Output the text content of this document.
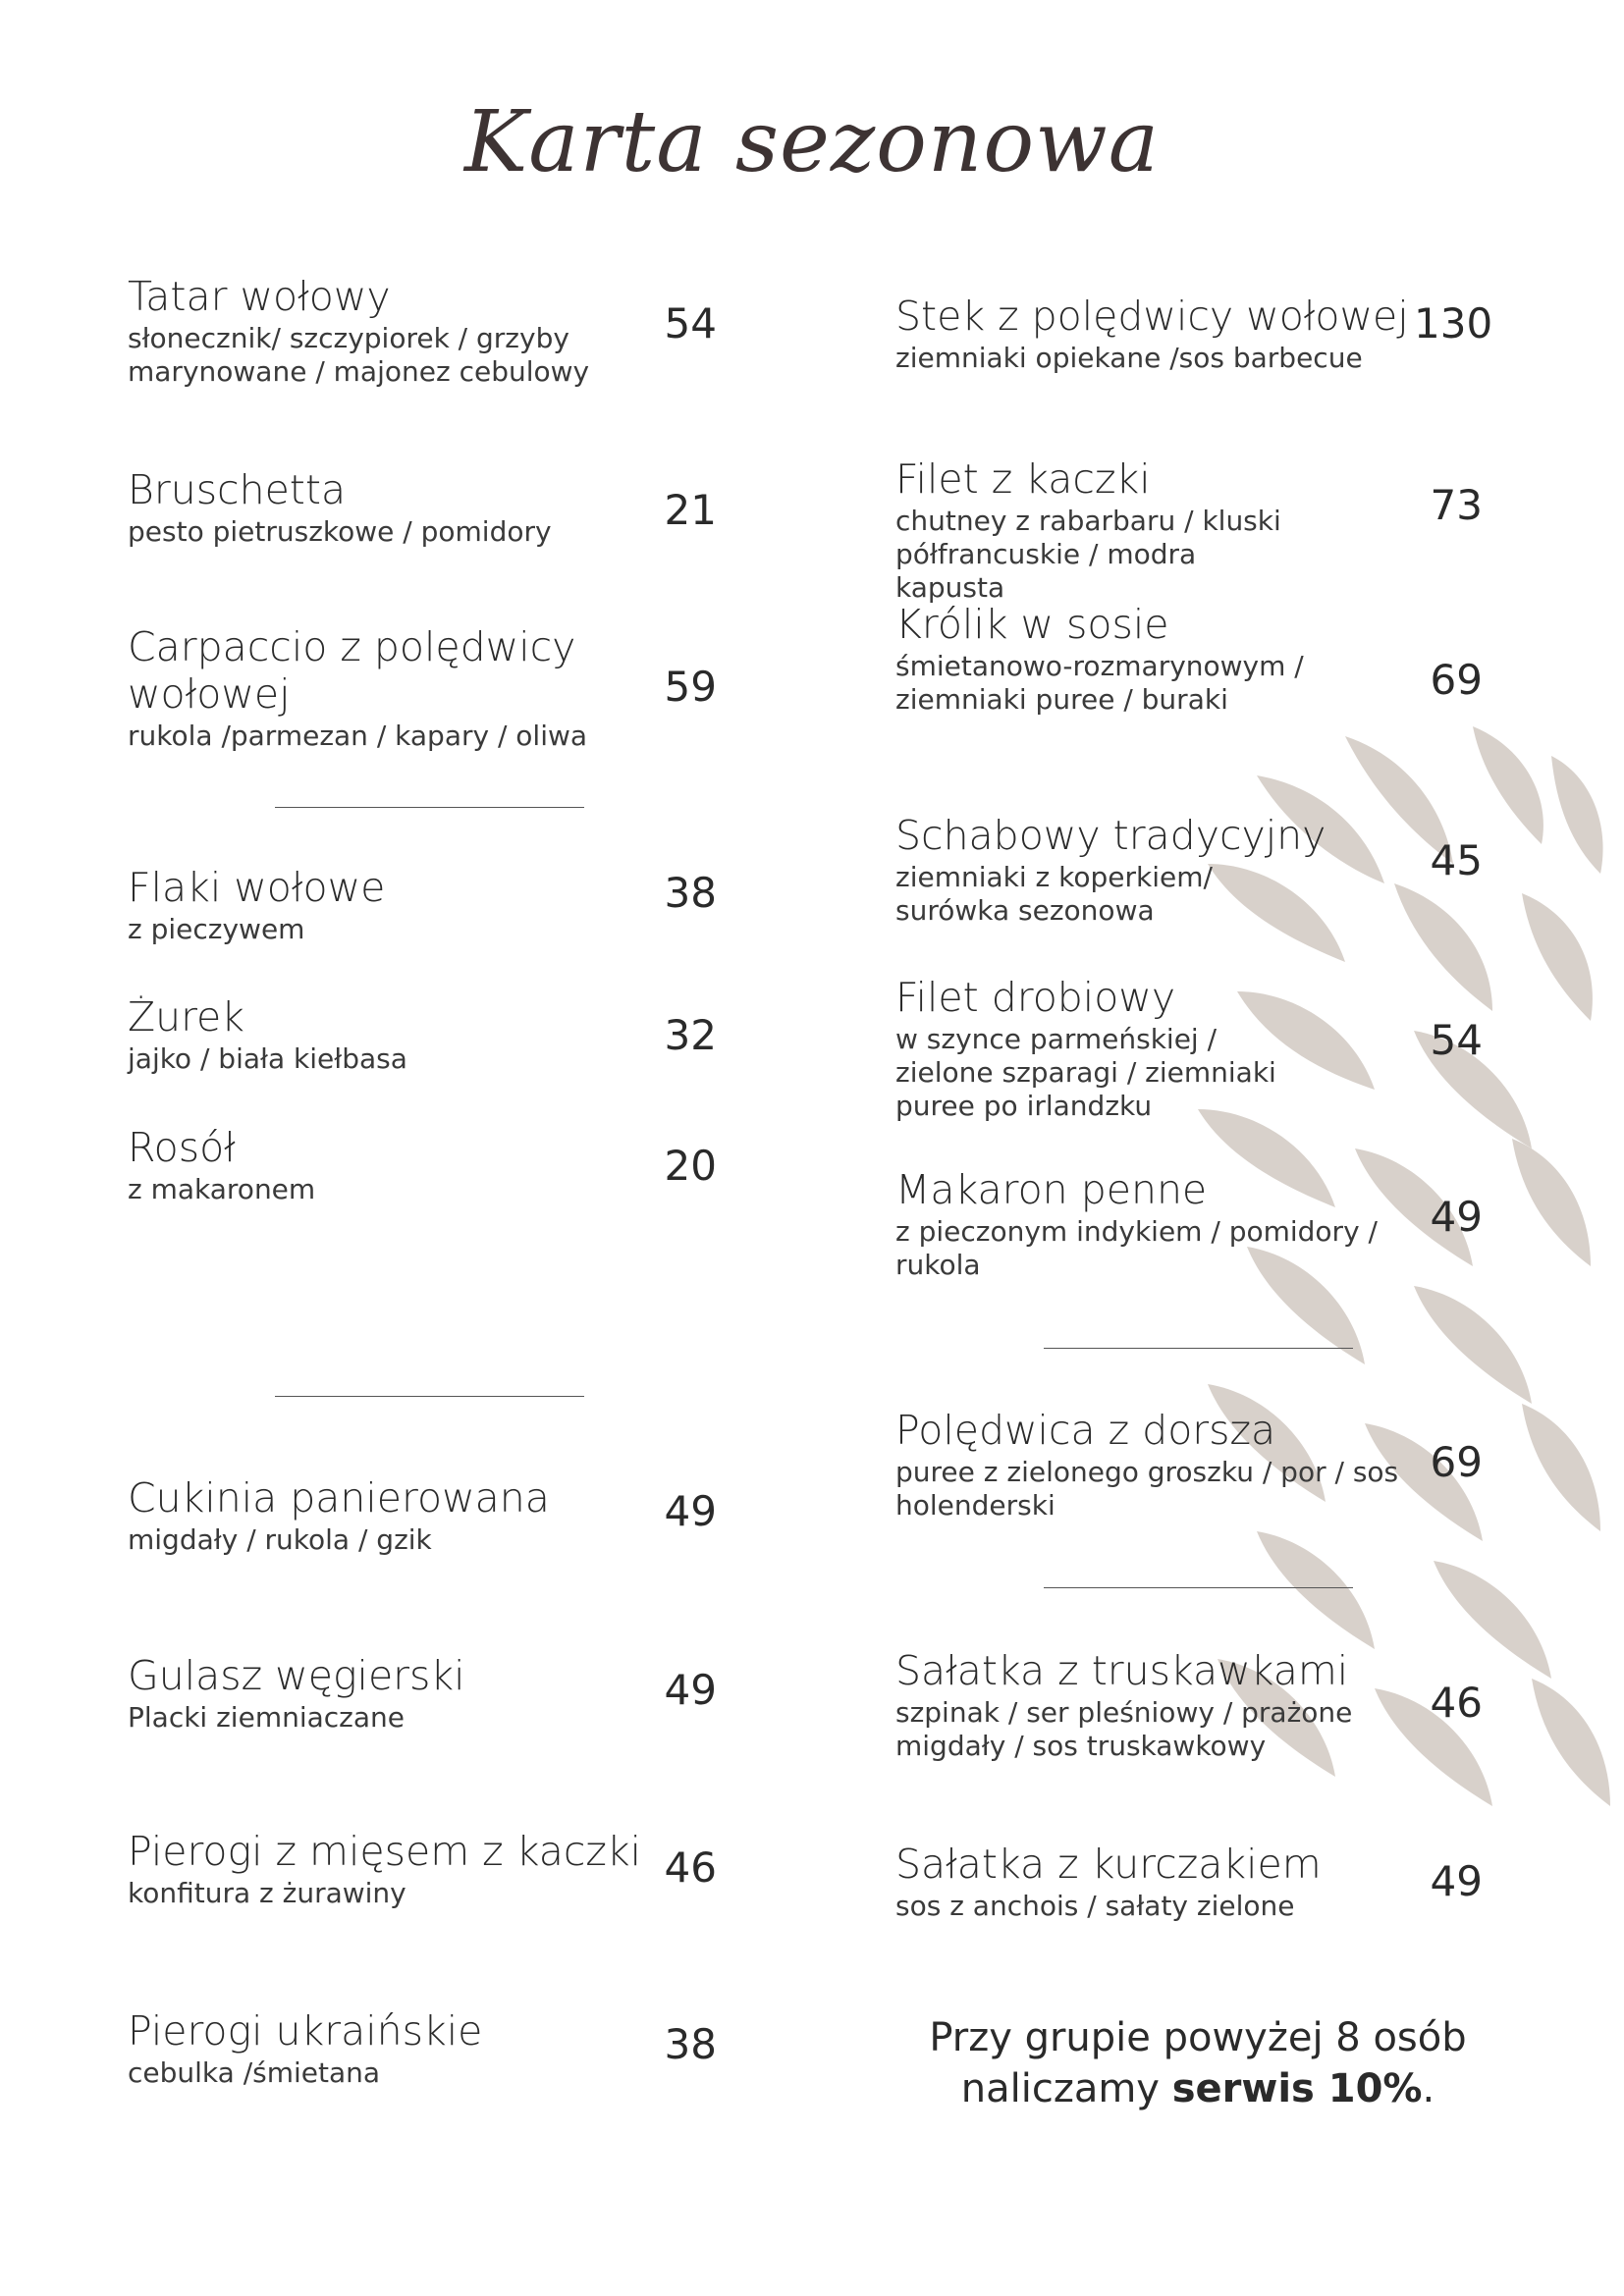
Karta sezonowa
Tatar wołowy
słonecznik/ szczypiorek / grzyby marynowane / majonez cebulowy
54
Bruschetta
pesto pietruszkowe / pomidory	21
Carpaccio z polędwicy wołowej
rukola /parmezan / kapary / oliwa
59
Flaki wołowe
z pieczywem
38
Żurek
jajko / biała kiełbasa	32
Rosół
z makaronem	20
Cukinia panierowana
migdały / rukola / gzik
49
Gulasz węgierski
Placki ziemniaczane
49
Pierogi z mięsem z kaczki
konfitura z żurawiny
46
Pierogi ukraińskie
cebulka /śmietana
38
Stek z polędwicy wołowej
ziemniaki opiekane /sos barbecue
130
Filet z kaczki
chutney z rabarbaru / kluski półfrancuskie / modra kapusta
73
Królik w sosie
śmietanowo-rozmarynowym / ziemniaki puree / buraki	69
Schabowy tradycyjny
ziemniaki z koperkiem/ surówka sezonowa
45
Filet drobiowy
w szynce parmeńskiej / zielone szparagi / ziemniaki puree po irlandzku
54
Makaron penne
z pieczonym indykiem / pomidory / rukola
49
Polędwica z dorsza
puree z zielonego groszku / por / sos holenderski
69
Sałatka z truskawkami
szpinak / ser pleśniowy / prażone migdały / sos truskawkowy
46
Sałatka z kurczakiem
sos z anchois / sałaty zielone
49
Przy grupie powyżej 8 osób
naliczamy serwis 10%.
